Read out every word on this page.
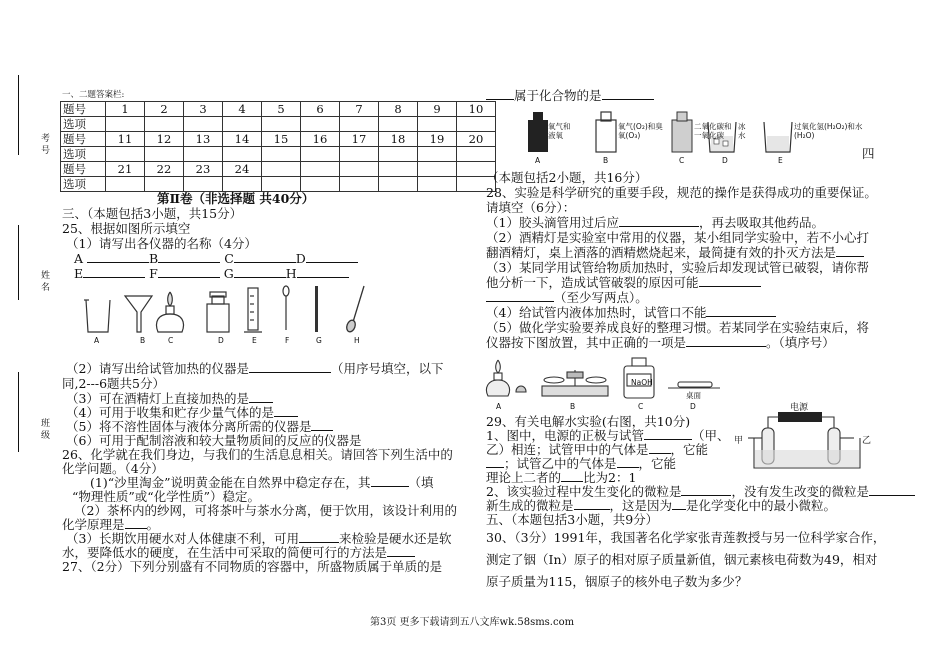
考 号
姓 名
班 级
一、二题答案栏:
题号	1	2	3	4	5	6	7	8	9	10
选项										
题号	11	12	13	14	15	16	17	18	19	20
选项										
题号	21	22	23	24						
选项										
第Ⅱ卷（非选择题 共40分）
三、（本题包括3小题，共15分）
25、根据如图所示填空
（1）请写出各仪器的名称（4分）
A	B	C	D
E	F	G	H
A	B	C	D	E	F	G	H
（2）请写出给试管加热的仪器是	（用序号填空，以下
同,2---6题共5分）
（3）可在酒精灯上直接加热的是
（4）可用于收集和贮存少量气体的是
（5）将不溶性固体与液体分离所需的仪器是
（6）可用于配制溶液和较大量物质间的反应的仪器是
26、化学就在我们身边，与我们的生活息息相关。请回答下列生活中的
化学问题。（4分）
(1)“沙里淘金”说明黄金能在自然界中稳定存在，其	（填
“物理性质”或“化学性质”）稳定。
（2）茶杯内的纱网，可将茶叶与茶水分离，便于饮用，该设计利用的
化学原理是 。
（3）长期饮用硬水对人体健康不利，可用	来检验是硬水还是软
水，要降低水的硬度，在生活中可采取的简便可行的方法是
27、（2分）下列分别盛有不同物质的容器中，所盛物质属于单质的是
属于化合物的是
氧气和液氧
氧气(O₂)和臭氧(O₃)
二氧化碳和一氧化碳
冰水
过氧化氢(H₂O₂)和水(H₂O)
A	B	C	D	E	四
（本题包括2小题，共16分）
28、实验是科学研究的重要手段，规范的操作是获得成功的重要保证。
请填空（6分）：
（1）胶头滴管用过后应	，再去吸取其他药品。
（2）酒精灯是实验室中常用的仪器，某小组同学实验中，若不小心打
翻酒精灯，桌上酒落的酒精燃烧起来，最简捷有效的扑灭方法是
（3）某同学用试管给物质加热时，实验后却发现试管已破裂，请你帮
他分析一下，造成试管破裂的原因可能
（至少写两点）。
（4）给试管内液体加热时，试管口不能
（5）做化学实验要养成良好的整理习惯。若某同学在实验结束后，将
仪器按下图放置，其中正确的一项是	。（填序号）
NaOH
桌面
A	B	C	D
29、有关电解水实验(右图，共10分)
1、图中，电源的正极与试管	（甲、
乙）相连；试管甲中的气体是 ，它能
；试管乙中的气体是 ，它能
理论上二者的 比为2：1
2、该实验过程中发生变化的微粒是	，没有发生改变的微粒是
新生成的微粒是	，这是因为 是化学变化中的最小微粒。
电源
甲	乙
五、（本题包括3小题，共9分）
30、（3分）1991年，我国著名化学家张青莲教授与另一位科学家合作，
测定了铟（In）原子的相对原子质量新值，铟元素核电荷数为49，相对
原子质量为115，铟原子的核外电子数为多少？
第3页 更多下载请到五八文库wk.58sms.com
